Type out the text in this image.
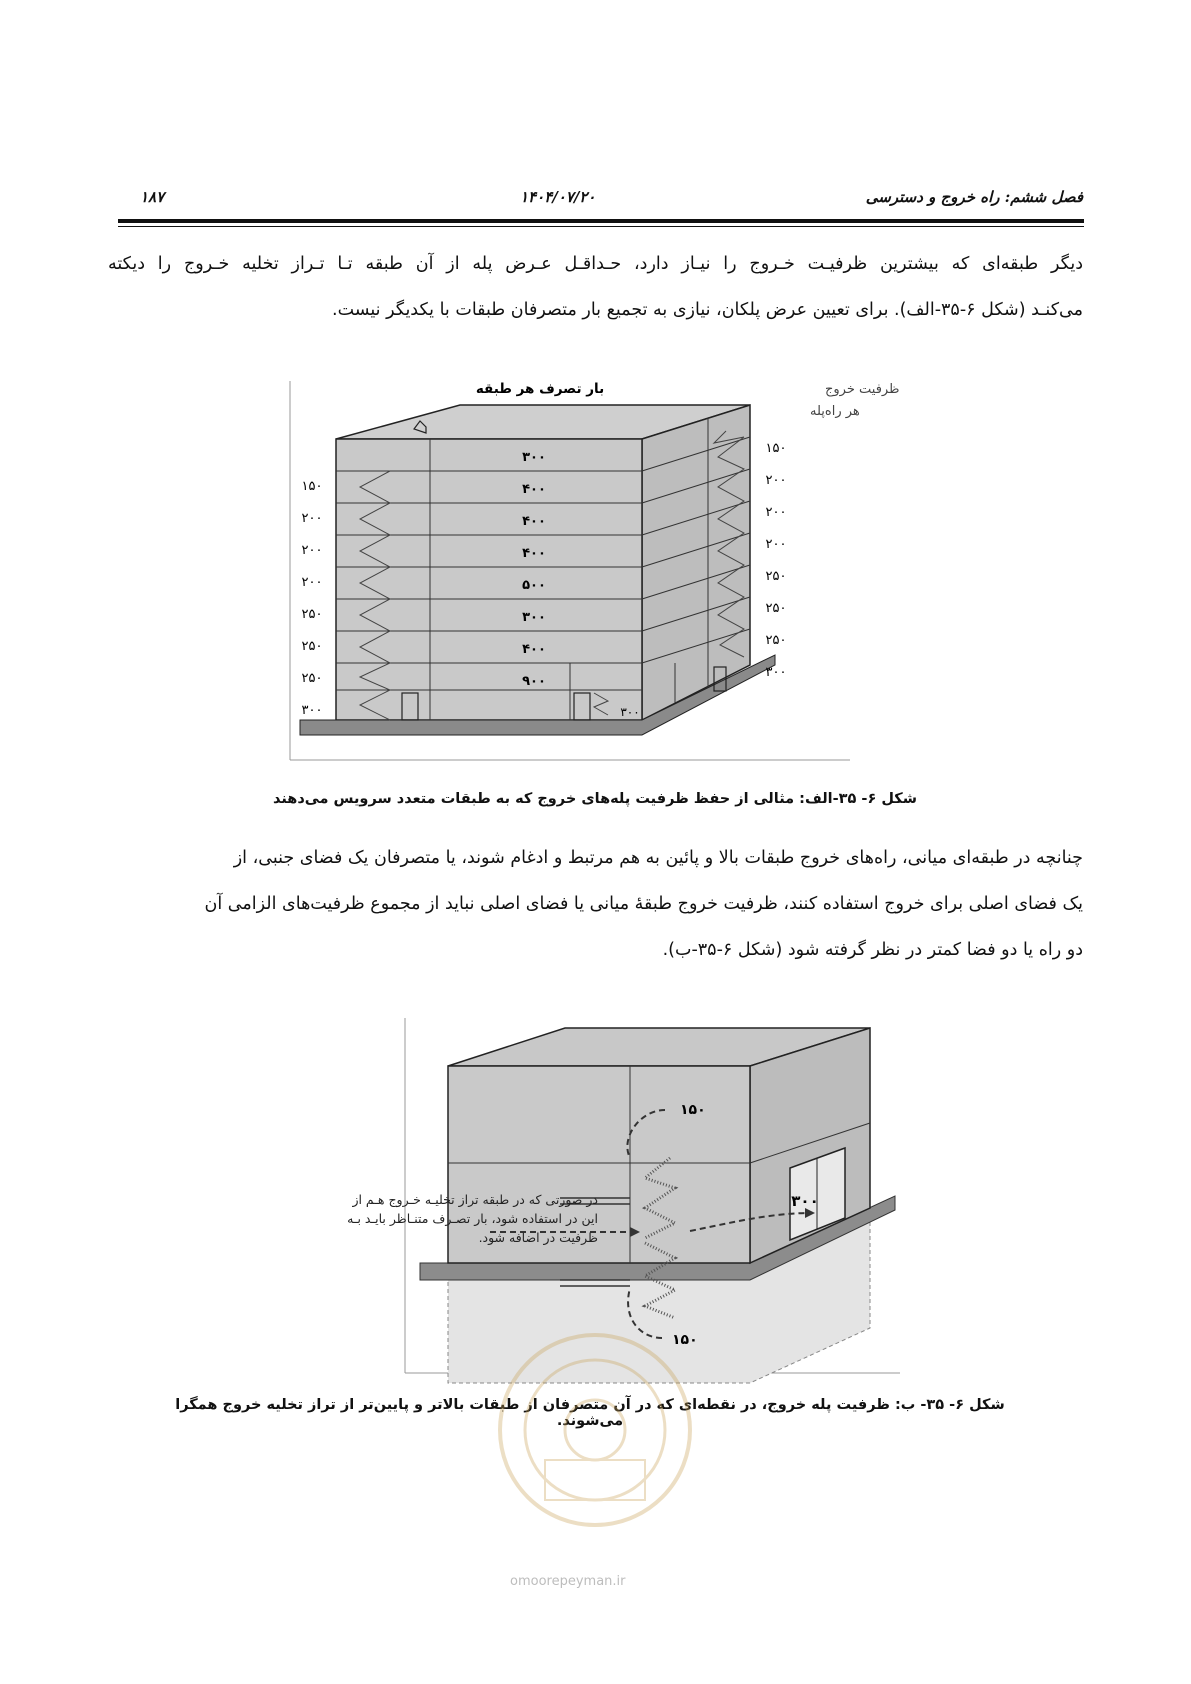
فصل ششم: راه خروج و دسترسی
۱۴۰۴/۰۷/۲۰
۱۸۷
دیگر طبقه‌ای که بیشترین ظرفیـت خـروج را نیـاز دارد، حـداقـل عـرض پله از آن طبقه تـا تـراز تخلیه خـروج را دیکته
می‌کنـد (شکل ۶-۳۵-الف). برای تعیین عرض پلکان، نیازی به تجمیع بار متصرفان طبقات با یکدیگر نیست.
بار تصرف هر طبقه	ظرفیت خروج
هر راه‌پله
۳۰۰
۴۰۰
۴۰۰
۴۰۰
۵۰۰
۳۰۰
۴۰۰
۹۰۰
۱۵۰
۲۰۰
۲۰۰
۲۰۰
۲۵۰
۲۵۰
۲۵۰
۳۰۰
۱۵۰
۲۰۰
۲۰۰
۲۰۰
۲۵۰
۲۵۰
۲۵۰
۳۰۰
۳۰۰
شکل ۶- ۳۵-الف: مثالی از حفظ ظرفیت پله‌های خروج که به طبقات متعدد سرویس می‌دهند
چنانچه در طبقه‌ای میانی، راه‌های خروج طبقات بالا و پائین به هم مرتبط و ادغام شوند، یا متصرفان یک فضای جنبی، از
یک فضای اصلی برای خروج استفاده کنند، ظرفیت خروج طبقهٔ میانی یا فضای اصلی نباید از مجموع ظرفیت‌های الزامی آن
دو راه یا دو فضا کمتر در نظر گرفته شود (شکل ۶-۳۵-ب).
۱۵۰
۱۵۰
۳۰۰
در صورتی که در طبقه تراز تخلیـه خـروج هـم از
این در استفاده شود، بار تصـرف متنـاظر بایـد بـه
ظرفیت در اضافه شود.
شکل ۶- ۳۵- ب: ظرفیت پله خروج، در نقطه‌ای که در آن متصرفان از طبقات بالاتر و پایین‌تر از تراز تخلیه خروج همگرا می‌شوند.
omoorepeyman.ir
